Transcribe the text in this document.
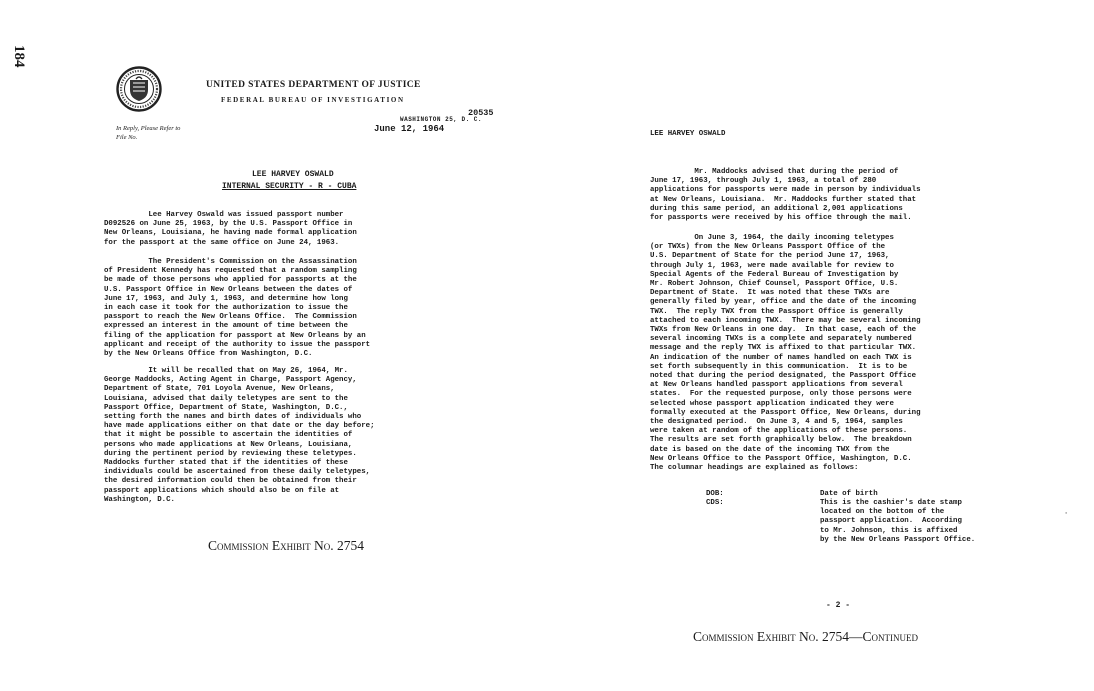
184
UNITED STATES DEPARTMENT OF JUSTICE
FEDERAL BUREAU OF INVESTIGATION
In Reply, Please Refer to
File No.
20535
WASHINGTON 25, D. C.
June 12, 1964
LEE HARVEY OSWALD
INTERNAL SECURITY - R - CUBA

Lee Harvey Oswald was issued passport number
D092526 on June 25, 1963, by the U.S. Passport Office in
New Orleans, Louisiana, he having made formal application
for the passport at the same office on June 24, 1963.

The President's Commission on the Assassination
of President Kennedy has requested that a random sampling
be made of those persons who applied for passports at the
U.S. Passport Office in New Orleans between the dates of
June 17, 1963, and July 1, 1963, and determine how long
in each case it took for the authorization to issue the
passport to reach the New Orleans Office.  The Commission
expressed an interest in the amount of time between the
filing of the application for passport at New Orleans by an
applicant and receipt of the authority to issue the passport
by the New Orleans Office from Washington, D.C.

It will be recalled that on May 26, 1964, Mr.
George Maddocks, Acting Agent in Charge, Passport Agency,
Department of State, 701 Loyola Avenue, New Orleans,
Louisiana, advised that daily teletypes are sent to the
Passport Office, Department of State, Washington, D.C.,
setting forth the names and birth dates of individuals who
have made applications either on that date or the day before;
that it might be possible to ascertain the identities of
persons who made applications at New Orleans, Louisiana,
during the pertinent period by reviewing these teletypes.
Maddocks further stated that if the identities of these
individuals could be ascertained from these daily teletypes,
the desired information could then be obtained from their
passport applications which should also be on file at
Washington, D.C.

Commission Exhibit No. 2754
LEE HARVEY OSWALD

Mr. Maddocks advised that during the period of
June 17, 1963, through July 1, 1963, a total of 280
applications for passports were made in person by individuals
at New Orleans, Louisiana.  Mr. Maddocks further stated that
during this same period, an additional 2,001 applications
for passports were received by his office through the mail.

On June 3, 1964, the daily incoming teletypes
(or TWXs) from the New Orleans Passport Office of the
U.S. Department of State for the period June 17, 1963,
through July 1, 1963, were made available for review to
Special Agents of the Federal Bureau of Investigation by
Mr. Robert Johnson, Chief Counsel, Passport Office, U.S.
Department of State.  It was noted that these TWXs are
generally filed by year, office and the date of the incoming
TWX.  The reply TWX from the Passport Office is generally
attached to each incoming TWX.  There may be several incoming
TWXs from New Orleans in one day.  In that case, each of the
several incoming TWXs is a complete and separately numbered
message and the reply TWX is affixed to that particular TWX.
An indication of the number of names handled on each TWX is
set forth subsequently in this communication.  It is to be
noted that during the period designated, the Passport Office
at New Orleans handled passport applications from several
states.  For the requested purpose, only those persons were
selected whose passport application indicated they were
formally executed at the Passport Office, New Orleans, during
the designated period.  On June 3, 4 and 5, 1964, samples
were taken at random of the applications of these persons.
The results are set forth graphically below.  The breakdown
date is based on the date of the incoming TWX from the
New Orleans Office to the Passport Office, Washington, D.C.
The columnar headings are explained as follows:

DOB:	Date of birth
CDS:	This is the cashier's date stamp
located on the bottom of the
passport application.  According
to Mr. Johnson, this is affixed
by the New Orleans Passport Office.
·
- 2 -
Commission Exhibit No. 2754—Continued
